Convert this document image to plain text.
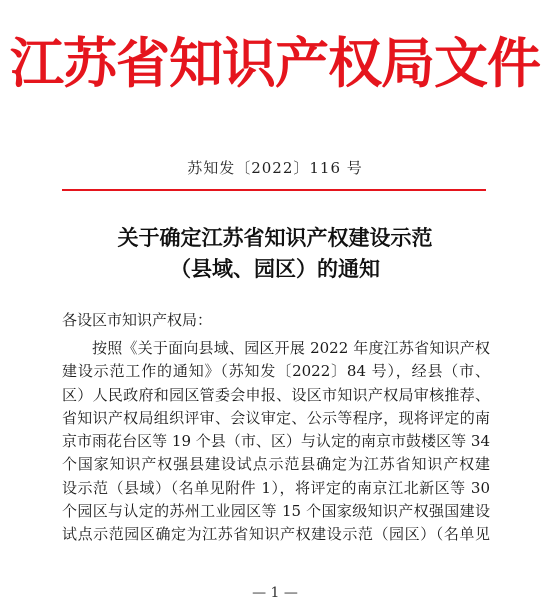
江苏省知识产权局文件
苏知发〔2022〕116 号
关于确定江苏省知识产权建设示范
（县域、园区）的通知
各设区市知识产权局：
按照《关于面向县域、园区开展 2022 年度江苏省知识产权
建设示范工作的通知》（苏知发〔2022〕84 号），经县（市、
区）人民政府和园区管委会申报、设区市知识产权局审核推荐、
省知识产权局组织评审、会议审定、公示等程序，现将评定的南
京市雨花台区等 19 个县（市、区）与认定的南京市鼓楼区等 34
个国家知识产权强县建设试点示范县确定为江苏省知识产权建
设示范（县域）（名单见附件 1），将评定的南京江北新区等 30
个园区与认定的苏州工业园区等 15 个国家级知识产权强国建设
试点示范园区确定为江苏省知识产权建设示范（园区）（名单见
— 1 —
